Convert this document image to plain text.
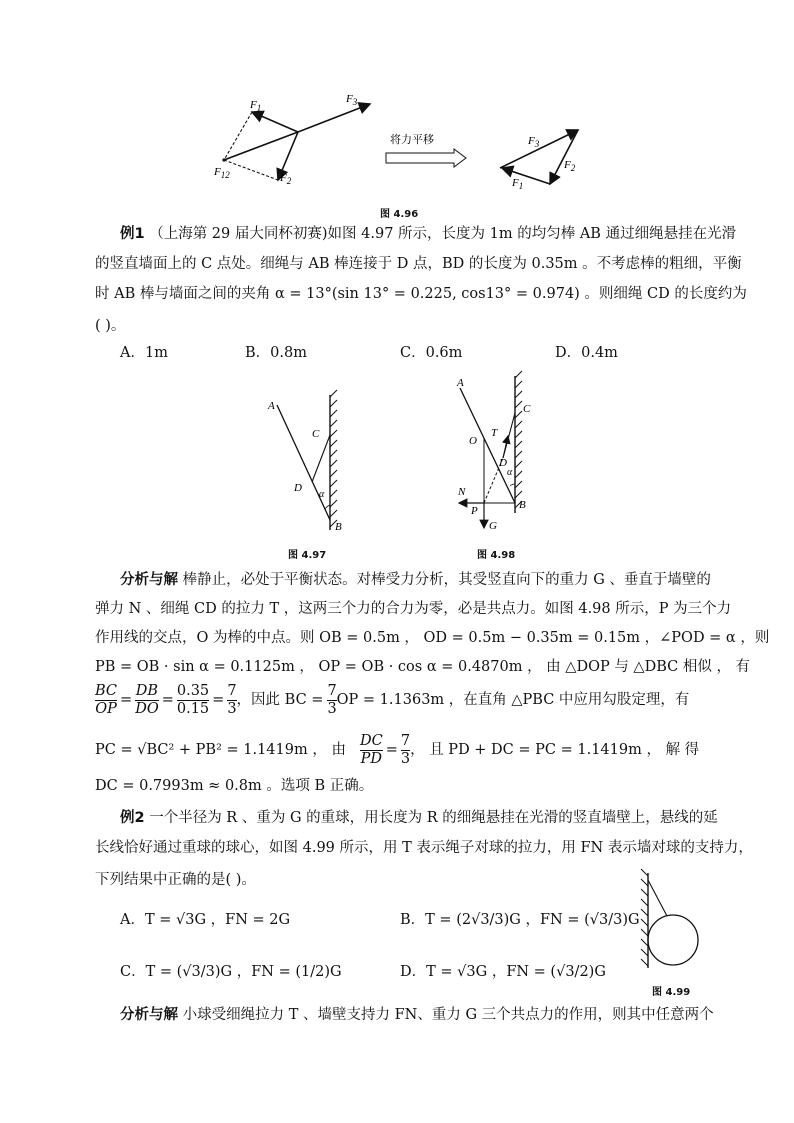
$F_1$
$F_3$
$F_{12}$	$F_2$
将力平移	$F_3$
$F_2$
$F_1$
图 4.96
例1 （上海第 29 届大同杯初赛)如图 4.97 所示，长度为 1m 的均匀棒 AB 通过细绳悬挂在光滑
的竖直墙面上的 C 点处。细绳与 AB 棒连接于 D 点，BD 的长度为 0.35m 。不考虑棒的粗细，平衡
时 AB 棒与墙面之间的夹角 α = 13°(sin 13° = 0.225, cos13° = 0.974) 。则细绳 CD 的长度约为
( )。
A．1m	B．0.8m	C．0.6m	D．0.4m
A
C
D
α
B
图 4.97
A
C
O
T
D
α
N
P	B
G
图 4.98
分析与解 棒静止，必处于平衡状态。对棒受力分析，其受竖直向下的重力 G 、垂直于墙壁的
弹力 N 、细绳 CD 的拉力 T ，这两三个力的合力为零，必是共点力。如图 4.98 所示，P 为三个力
作用线的交点，O 为棒的中点。则 OB = 0.5m ， OD = 0.5m − 0.35m = 0.15m ，∠POD = α ，则
PB = OB · sin α = 0.1125m ， OP = OB · cos α = 0.4870m ， 由 △DOP 与 △DBC 相似 ， 有
$\frac{BC}{OP} = \frac{DB}{DO} = \frac{0.35}{0.15} = \frac{7}{3}$ ，因此 BC = $\frac{7}{3}$ OP = 1.1363m ，在直角 △PBC 中应用勾股定理，有
PC = √BC² + PB² = 1.1419m ， 由 $\frac{DC}{PD} = \frac{7}{3}$ ， 且 PD + DC = PC = 1.1419m ， 解 得
DC = 0.7993m ≈ 0.8m 。选项 B 正确。
例2 一个半径为 R 、重为 G 的重球，用长度为 R 的细绳悬挂在光滑的竖直墙壁上，悬线的延
长线恰好通过重球的球心，如图 4.99 所示，用 T 表示绳子对球的拉力，用 FN 表示墙对球的支持力，
下列结果中正确的是( )。
A．T = √3G ，FN = 2G	B．T = (2√3/3)G ，FN = (√3/3)G
C．T = (√3/3)G ，FN = (1/2)G	D．T = √3G ，FN = (√3/2)G
图 4.99
分析与解 小球受细绳拉力 T 、墙壁支持力 FN、重力 G 三个共点力的作用，则其中任意两个
